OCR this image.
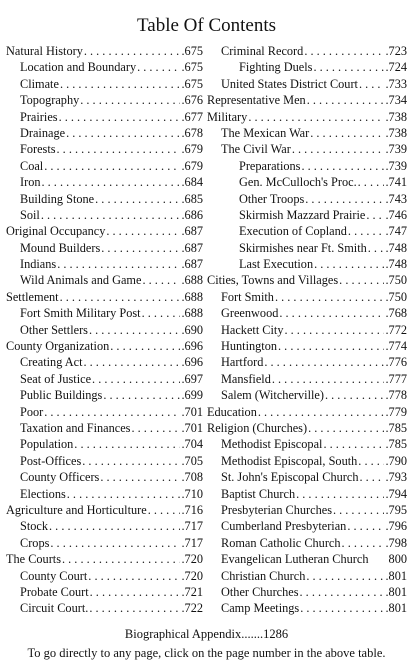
Table Of Contents
Natural History . . .	.675
Location and Boundary . . .	.675
Climate . . .	.675
Topography . . .	.676
Prairies . . .	.677
Drainage . . .	.678
Forests . . .	.679
Coal . . .	.679
Iron . . .	.684
Building Stone . . .	.685
Soil . . .	.686
Original Occupancy . . .	.687
Mound Builders . . .	.687
Indians . . .	.687
Wild Animals and Game . . .	.688
Settlement . . .	.688
Fort Smith Military Post . . .	.688
Other Settlers . . .	.690
County Organization . . .	.696
Creating Act . . .	.696
Seat of Justice . . .	.697
Public Buildings . . .	.699
Poor . . .	.701
Taxation and Finances . . .	.701
Population . . .	.704
Post-Offices . . .	.705
County Officers . . .	.708
Elections . . .	.710
Agriculture and Horticulture . . .	.716
Stock . . .	.717
Crops . . .	.717
The Courts . . .	.720
County Court . . .	.720
Probate Court . . .	.721
Circuit Court. . . .	.722
Criminal Record . . .	.723
Fighting Duels . . .	.724
United States District Court . . . .733
Representative Men . . .	.734
Military . . .	.738
The Mexican War . . .	.738
The Civil War . . .	.739
Preparations . . .	.739
Gen. McCulloch's Proc. . . . .741
Other Troops . . .	.743
Skirmish Mazzard Prairie . . . .746
Execution of Copland . . .	.747
Skirmishes near Ft. Smith . . . .748
Last Execution . . .	.748
Cities, Towns and Villages . . .	.750
Fort Smith . . .	.750
Greenwood . . .	.768
Hackett City . . .	.772
Huntington . . .	.774
Hartford . . .	.776
Mansfield . . .	.777
Salem (Witcherville) . . .	.778
Education . . .	.779
Religion (Churches) . . .	.785
Methodist Episcopal . . .	.785
Methodist Episcopal, South . . . .790
St. John's Episcopal Church . . . .793
Baptist Church . . .	.794
Presbyterian Churches . . .	.795
Cumberland Presbyterian . . .	.796
Roman Catholic Church . . .	.798
Evangelican Lutheran Church 800
Christian Church . . .	.801
Other Churches . . .	.801
Camp Meetings . . .	.801
Biographical Appendix.......1286
To go directly to any page, click on the page number in the above table.
